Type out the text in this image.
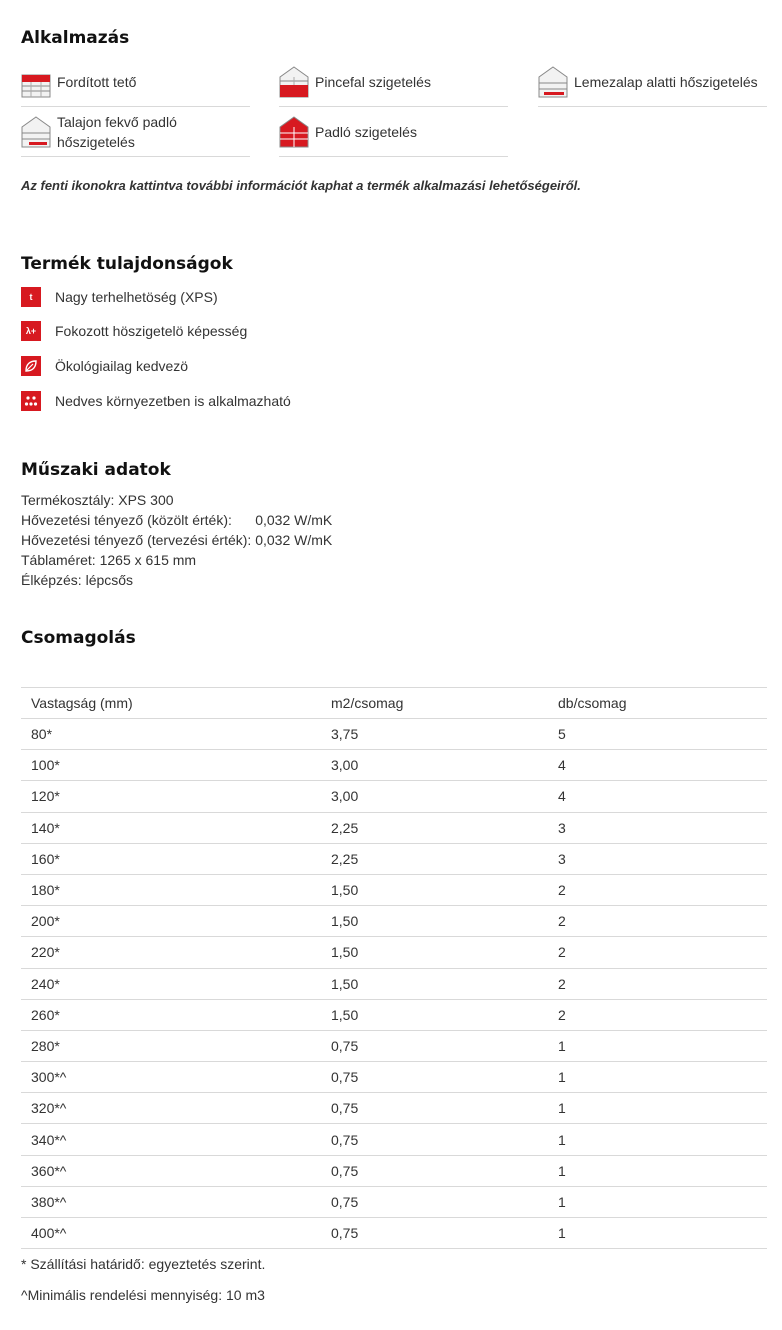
Alkalmazás
Fordított tető	Pincefal szigetelés	Lemezalap alatti hőszigetelés
Talajon fekvő padló hőszigetelés
Padló szigetelés
Az fenti ikonokra kattintva további információt kaphat a termék alkalmazási lehetőségeiről.
Termék tulajdonságok
t	Nagy terhelhetöség (XPS)
λ+	Fokozott höszigetelö képesség
Ökológiailag kedvezö
Nedves környezetben is alkalmazható
Műszaki adatok
Termékosztály: XPS 300
Hővezetési tényező (közölt érték):      0,032 W/mK
Hővezetési tényező (tervezési érték): 0,032 W/mK
Táblaméret: 1265 x 615 mm
Élképzés: lépcsős
Csomagolás
Vastagság (mm)	m2/csomag	db/csomag
80*	3,75	5
100*	3,00	4
120*	3,00	4
140*	2,25	3
160*	2,25	3
180*	1,50	2
200*	1,50	2
220*	1,50	2
240*	1,50	2
260*	1,50	2
280*	0,75	1
300*^	0,75	1
320*^	0,75	1
340*^	0,75	1
360*^	0,75	1
380*^	0,75	1
400*^	0,75	1
* Szállítási határidő: egyeztetés szerint.
^Minimális rendelési mennyiség: 10 m3
